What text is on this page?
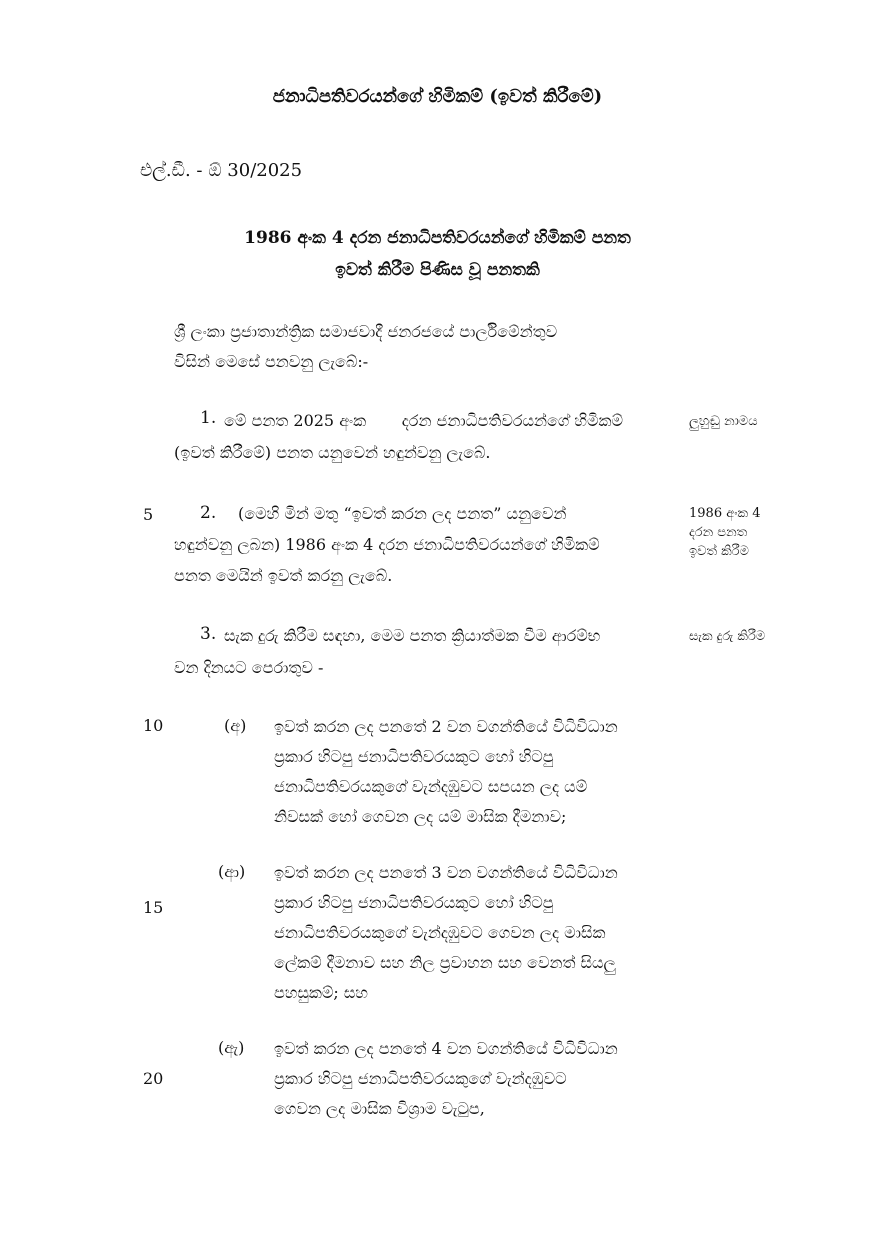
ජනාධිපතිවරයන්ගේ හිමිකම් (ඉවත් කිරීමේ)
එල්.ඩී. - ඕ 30/2025
1986 අංක 4 දරන ජනාධිපතිවරයන්ගේ හිමිකම් පනත
ඉවත් කිරීම පිණිස වූ පනතකි
ශ්‍රී ලංකා ප්‍රජාතාන්ත්‍රික සමාජවාදී ජනරජයේ පාර්ලිමේන්තුව
විසින් මෙසේ පනවනු ලැබේ:-
1. මේ පනත 2025 අංක       දරන ජනාධිපතිවරයන්ගේ හිමිකම්
(ඉවත් කිරීමේ) පනත යනුවෙන් හඳුන්වනු ලැබේ.
ලුහුඬු නාමය
5	2. (මෙහි මින් මතු “ඉවත් කරන ලද පනත” යනුවෙන්
හඳුන්වනු ලබන) 1986 අංක 4 දරන ජනාධිපතිවරයන්ගේ හිමිකම්
පනත මෙයින් ඉවත් කරනු ලැබේ.
1986 අංක 4
දරන පනත
ඉවත් කිරීම
3. සැක දුරු කිරීම සඳහා, මෙම පනත ක්‍රියාත්මක වීම ආරම්භ
වන දිනයට පෙරාතුව -
සැක දුරු කිරීම
10	(අ) ඉවත් කරන ලද පනතේ 2 වන වගන්තියේ විධිවිධාන
ප්‍රකාර හිටපු ජනාධිපතිවරයකුට හෝ හිටපු
ජනාධිපතිවරයකුගේ වැන්දඹුවට සපයන ලද යම්
නිවසක් හෝ ගෙවන ලද යම් මාසික දීමනාව;
(ආ)
15
ඉවත් කරන ලද පනතේ 3 වන වගන්තියේ විධිවිධාන
ප්‍රකාර හිටපු ජනාධිපතිවරයකුට හෝ හිටපු
ජනාධිපතිවරයකුගේ වැන්දඹුවට ගෙවන ලද මාසික
ලේකම් දීමනාව සහ නිල ප්‍රවාහන සහ වෙනත් සියලු
පහසුකම්; සහ
(ඇ)
20
ඉවත් කරන ලද පනතේ 4 වන වගන්තියේ විධිවිධාන
ප්‍රකාර හිටපු ජනාධිපතිවරයකුගේ වැන්දඹුවට
ගෙවන ලද මාසික විශ්‍රාම වැටුප,
